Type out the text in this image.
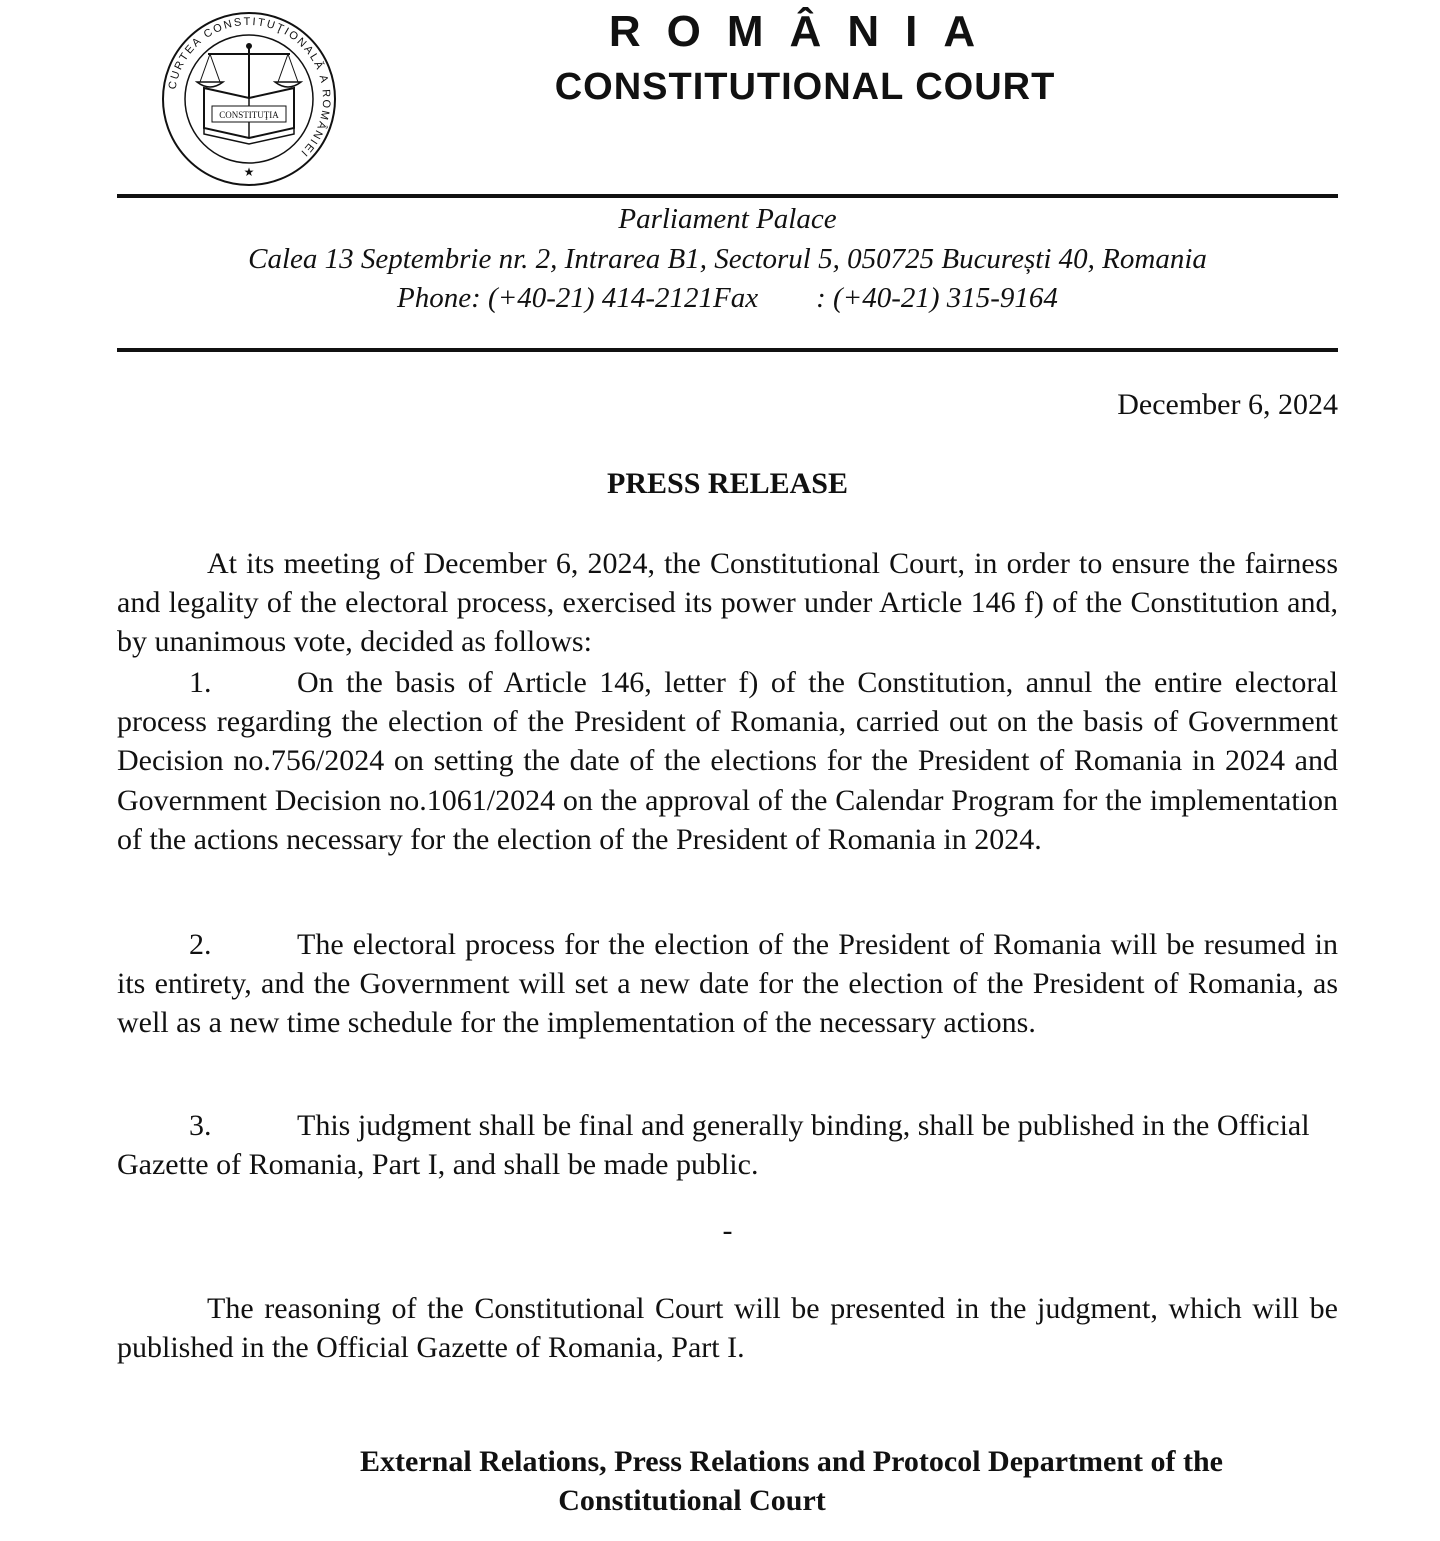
CURTEA CONSTITUŢIONALĂ A ROMÂNIEI
CONSTITUŢIA
★
ROMÂNIA
CONSTITUTIONAL COURT
Parliament Palace
Calea 13 Septembrie nr. 2, Intrarea B1, Sectorul 5, 050725 București 40, Romania
Phone: (+40-21) 414-2121Fax : (+40-21) 315-9164
December 6, 2024
PRESS RELEASE
At its meeting of December 6, 2024, the Constitutional Court, in order to ensure the fairness and legality of the electoral process, exercised its power under Article 146 f) of the Constitution and, by unanimous vote, decided as follows:
1.	On the basis of Article 146, letter f) of the Constitution, annul the entire electoral process regarding the election of the President of Romania, carried out on the basis of Government Decision no.756/2024 on setting the date of the elections for the President of Romania in 2024 and Government Decision no.1061/2024 on the approval of the Calendar Program for the implementation of the actions necessary for the election of the President of Romania in 2024.
2.	The electoral process for the election of the President of Romania will be resumed in its entirety, and the Government will set a new date for the election of the President of Romania, as well as a new time schedule for the implementation of the necessary actions.
3.	This judgment shall be final and generally binding, shall be published in the Official Gazette of Romania, Part I, and shall be made public.
-
The reasoning of the Constitutional Court will be presented in the judgment, which will be published in the Official Gazette of Romania, Part I.
External Relations, Press Relations and Protocol Department of the
Constitutional Court
